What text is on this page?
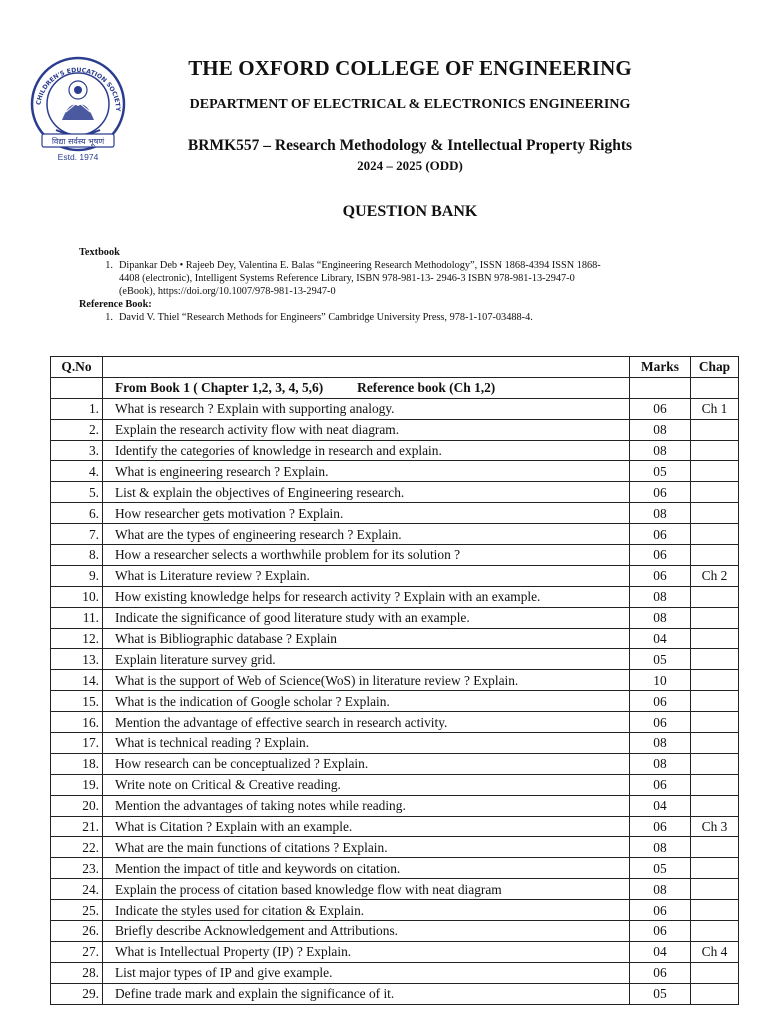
CHILDREN'S EDUCATION SOCIETY
विद्या सर्वस्य भूषणं
Estd. 1974
THE OXFORD COLLEGE OF ENGINEERING
DEPARTMENT OF ELECTRICAL & ELECTRONICS ENGINEERING
BRMK557 – Research Methodology & Intellectual Property Rights
2024 – 2025 (ODD)
QUESTION BANK
Textbook
1. Dipankar Deb • Rajeeb Dey, Valentina E. Balas “Engineering Research Methodology”, ISSN 1868-4394 ISSN 1868-
4408 (electronic), Intelligent Systems Reference Library, ISBN 978-981-13- 2946-3 ISBN 978-981-13-2947-0
(eBook), https://doi.org/10.1007/978-981-13-2947-0
Reference Book:
1. David V. Thiel “Research Methods for Engineers” Cambridge University Press, 978-1-107-03488-4.
Q.No		Marks	Chap
	From Book 1 ( Chapter 1,2, 3, 4, 5,6) Reference book (Ch 1,2)		
1.	What is research ? Explain with supporting analogy.	06	Ch 1
2.	Explain the research activity flow with neat diagram.	08	
3.	Identify the categories of knowledge in research and explain.	08	
4.	What is engineering research ? Explain.	05	
5.	List & explain the objectives of Engineering research.	06	
6.	How researcher gets motivation ? Explain.	08	
7.	What are the types of engineering research ? Explain.	06	
8.	How a researcher selects a worthwhile problem for its solution ?	06	
9.	What is Literature review ? Explain.	06	Ch 2
10.	How existing knowledge helps for research activity ? Explain with an example.	08	
11.	Indicate the significance of good literature study with an example.	08	
12.	What is Bibliographic database ? Explain	04	
13.	Explain literature survey grid.	05	
14.	What is the support of Web of Science(WoS) in literature review ? Explain.	10	
15.	What is the indication of Google scholar ? Explain.	06	
16.	Mention the advantage of effective search in research activity.	06	
17.	What is technical reading ? Explain.	08	
18.	How research can be conceptualized ? Explain.	08	
19.	Write note on Critical & Creative reading.	06	
20.	Mention the advantages of taking notes while reading.	04	
21.	What is Citation ? Explain with an example.	06	Ch 3
22.	What are the main functions of citations ? Explain.	08	
23.	Mention the impact of title and keywords on citation.	05	
24.	Explain the process of citation based knowledge flow with neat diagram	08	
25.	Indicate the styles used for citation & Explain.	06	
26.	Briefly describe Acknowledgement and Attributions.	06	
27.	What is Intellectual Property (IP) ? Explain.	04	Ch 4
28.	List major types of IP and give example.	06	
29.	Define trade mark and explain the significance of it.	05	
